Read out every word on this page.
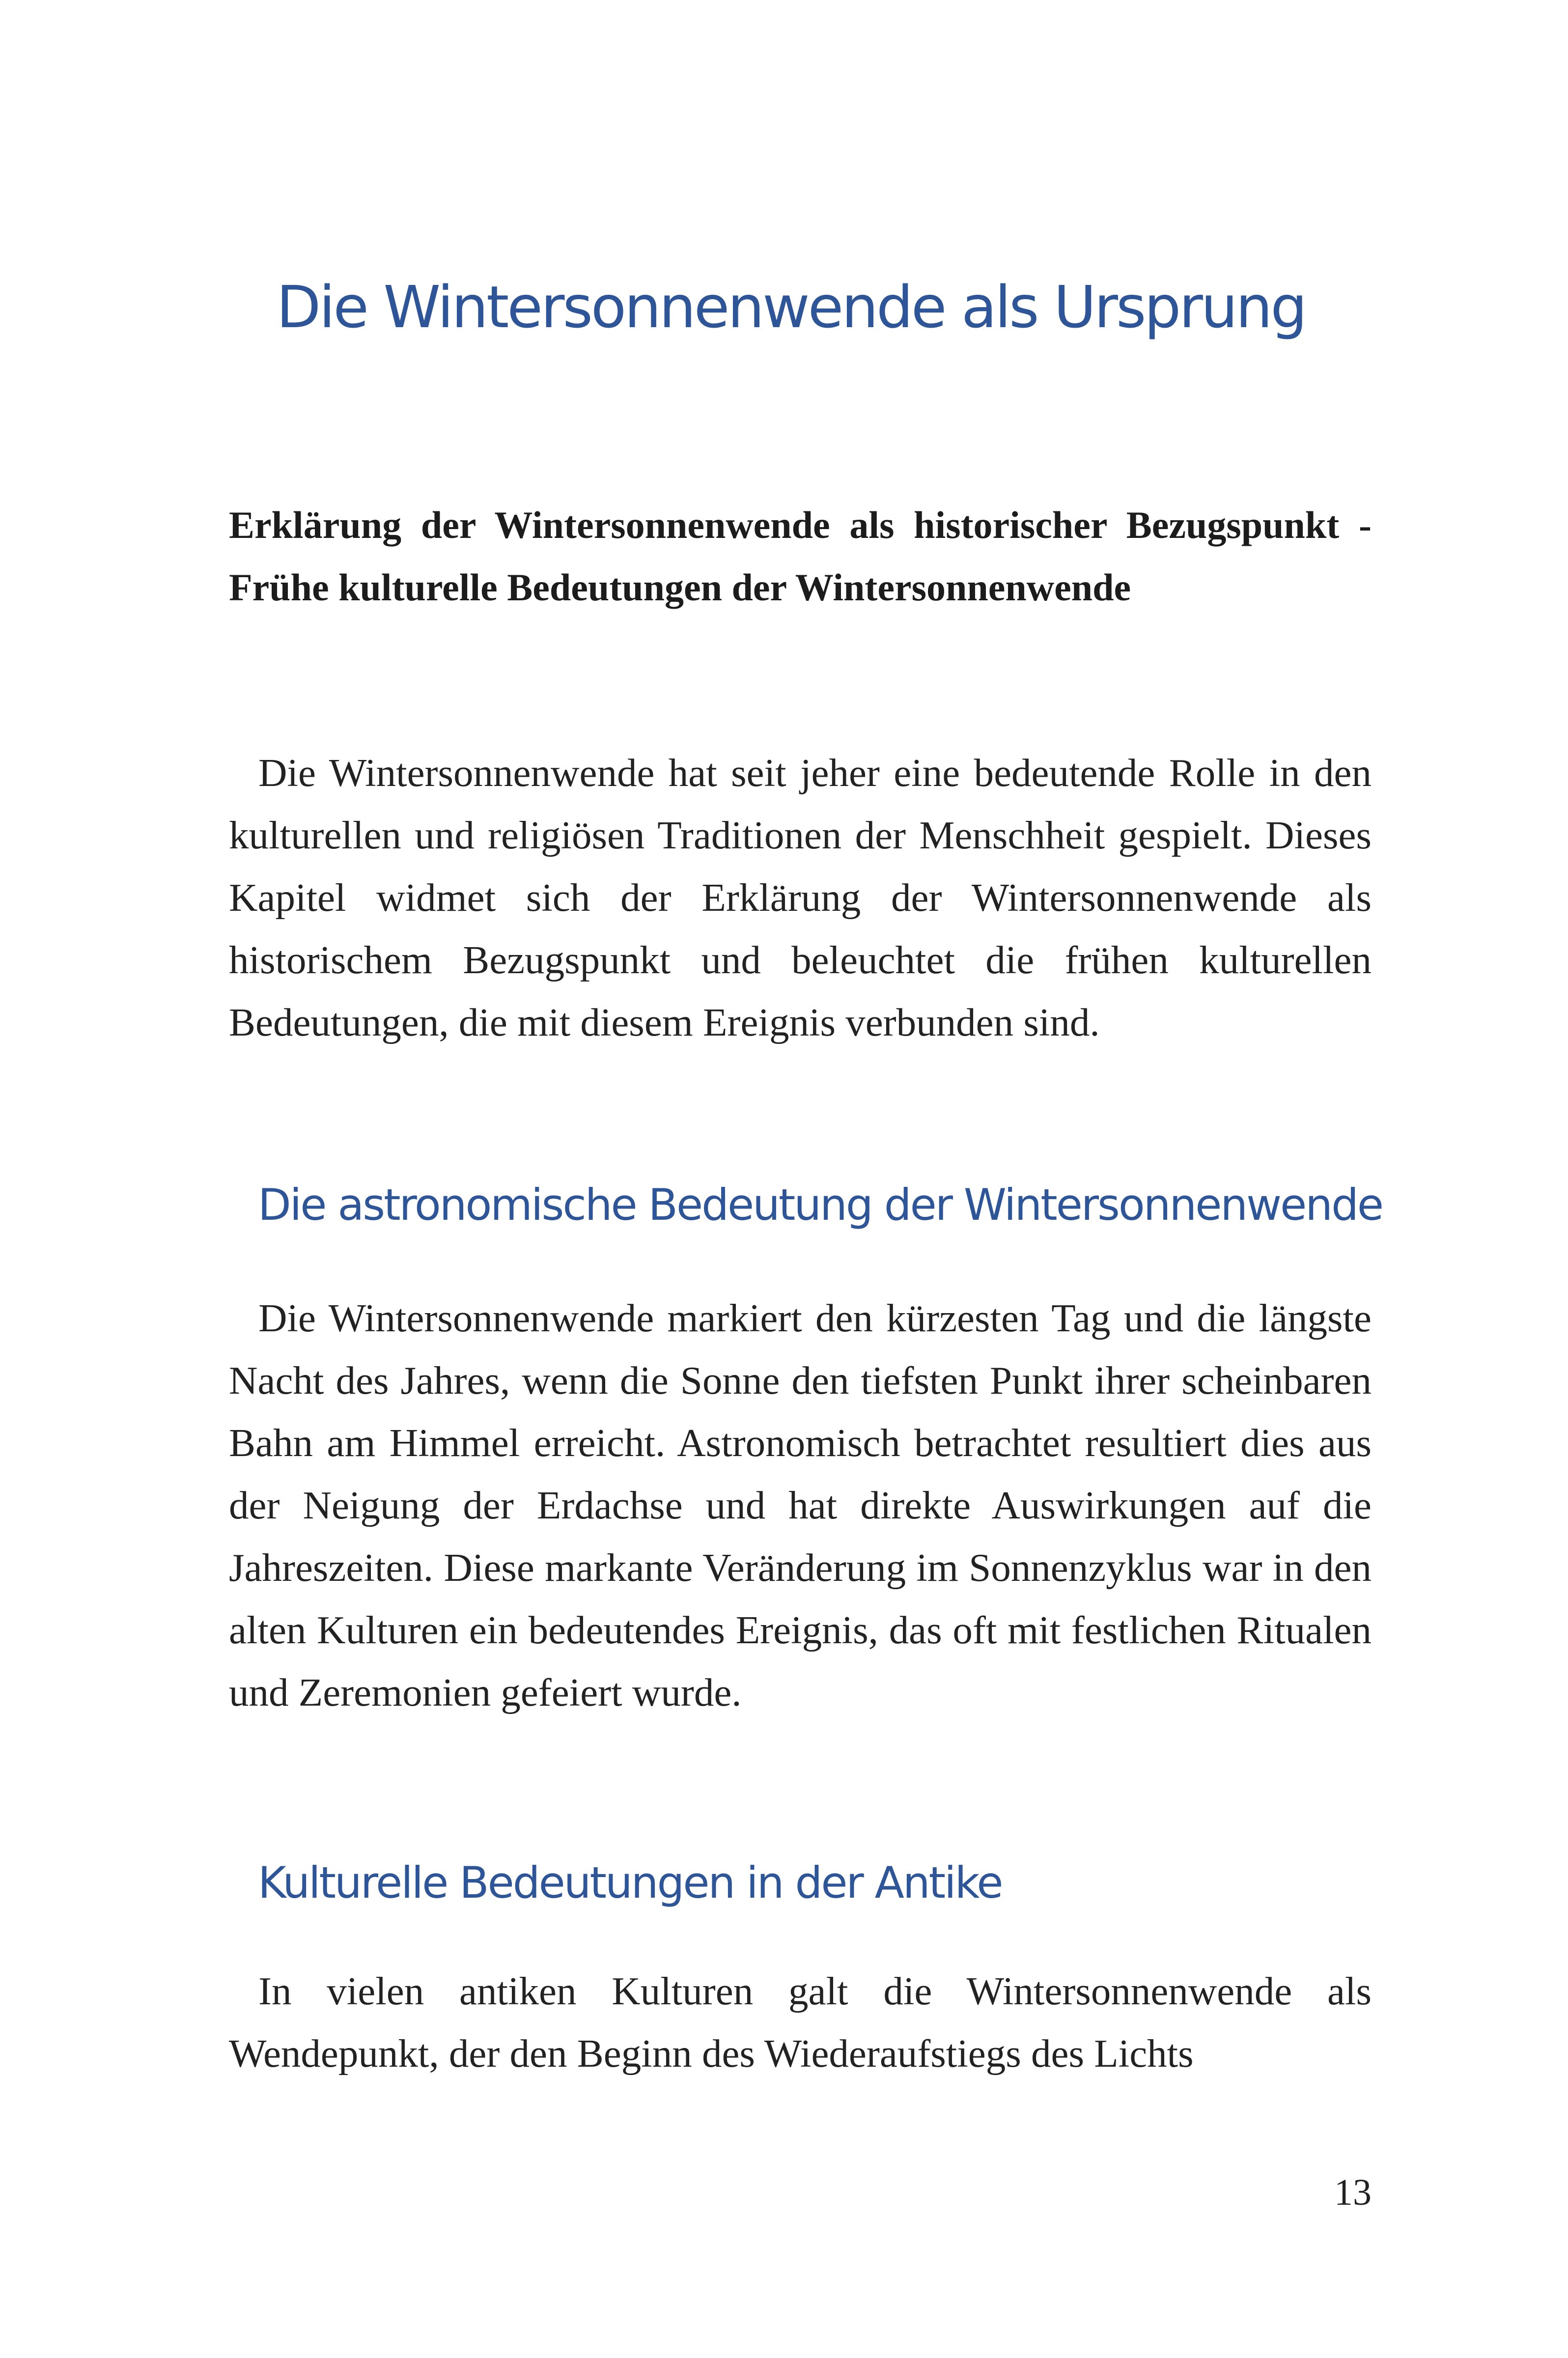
Die Wintersonnenwende als Ursprung

Erklärung der Wintersonnenwende als historischer Bezugspunkt - Frühe kulturelle Bedeutungen der Wintersonnenwende

Die Wintersonnenwende hat seit jeher eine bedeutende Rolle in den kulturellen und religiösen Traditionen der Menschheit gespielt. Dieses Kapitel widmet sich der Erklärung der Wintersonnenwende als historischem Bezugspunkt und beleuchtet die frühen kulturellen Bedeutungen, die mit diesem Ereignis verbunden sind.

Die astronomische Bedeutung der Wintersonnenwende

Die Wintersonnenwende markiert den kürzesten Tag und die längste Nacht des Jahres, wenn die Sonne den tiefsten Punkt ihrer scheinbaren Bahn am Himmel erreicht. Astronomisch betrachtet resultiert dies aus der Neigung der Erdachse und hat direkte Auswirkungen auf die Jahreszeiten. Diese markante Veränderung im Sonnenzyklus war in den alten Kulturen ein bedeutendes Ereignis, das oft mit festlichen Ritualen und Zeremonien gefeiert wurde.

Kulturelle Bedeutungen in der Antike

In vielen antiken Kulturen galt die Wintersonnenwende als Wendepunkt, der den Beginn des Wiederaufstiegs des Lichts

13
